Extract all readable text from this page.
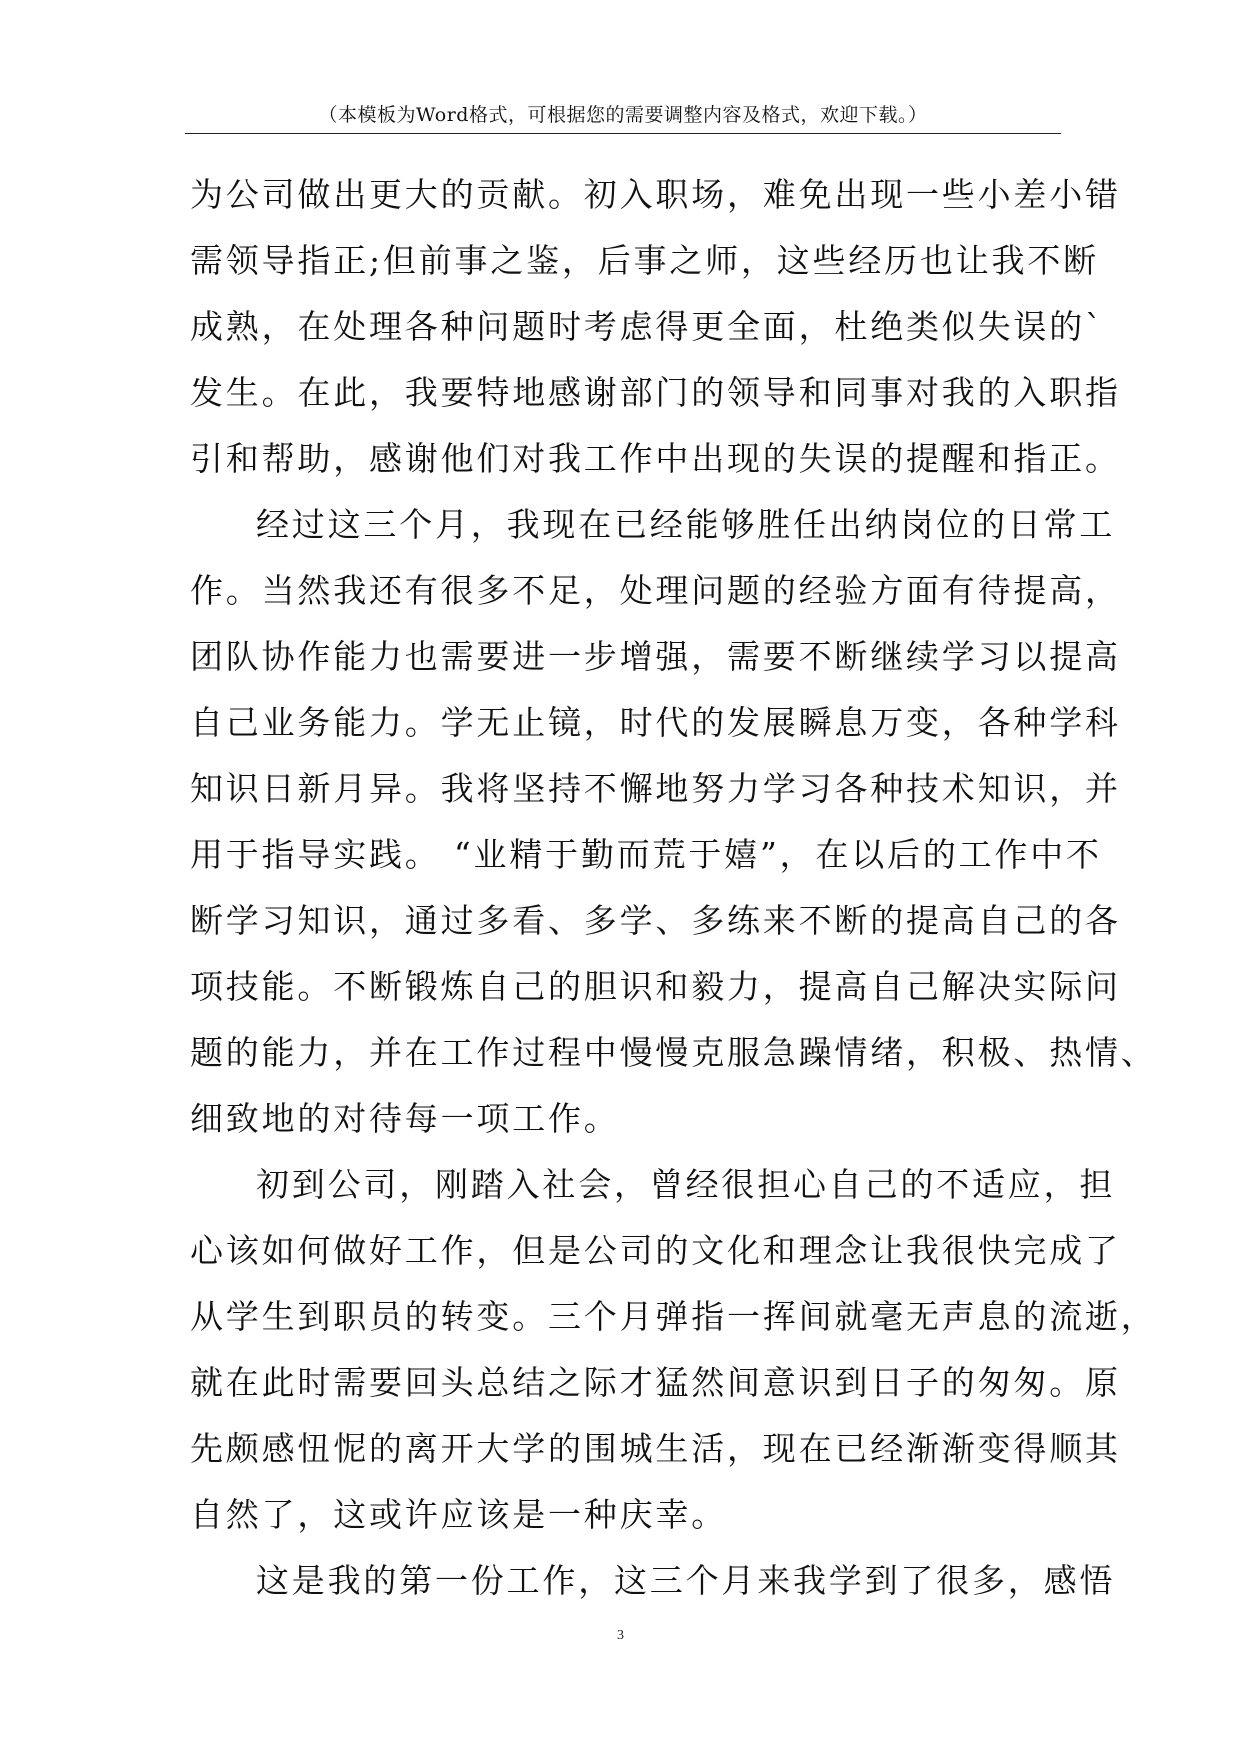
（本模板为Word格式，可根据您的需要调整内容及格式，欢迎下载。）
为公司做出更大的贡献。初入职场，难免出现一些小差小错
需领导指正;但前事之鉴，后事之师，这些经历也让我不断
成熟，在处理各种问题时考虑得更全面，杜绝类似失误的`
发生。在此，我要特地感谢部门的领导和同事对我的入职指
引和帮助，感谢他们对我工作中出现的失误的提醒和指正。
经过这三个月，我现在已经能够胜任出纳岗位的日常工
作。当然我还有很多不足，处理问题的经验方面有待提高，
团队协作能力也需要进一步增强，需要不断继续学习以提高
自己业务能力。学无止镜，时代的发展瞬息万变，各种学科
知识日新月异。我将坚持不懈地努力学习各种技术知识，并
用于指导实践。 “业精于勤而荒于嬉”，在以后的工作中不
断学习知识，通过多看、多学、多练来不断的提高自己的各
项技能。不断锻炼自己的胆识和毅力，提高自己解决实际问
题的能力，并在工作过程中慢慢克服急躁情绪，积极、热情、
细致地的对待每一项工作。
初到公司，刚踏入社会，曾经很担心自己的不适应，担
心该如何做好工作，但是公司的文化和理念让我很快完成了
从学生到职员的转变。三个月弹指一挥间就毫无声息的流逝，
就在此时需要回头总结之际才猛然间意识到日子的匆匆。原
先颇感忸怩的离开大学的围城生活，现在已经渐渐变得顺其
自然了，这或许应该是一种庆幸。
这是我的第一份工作，这三个月来我学到了很多，感悟
3
